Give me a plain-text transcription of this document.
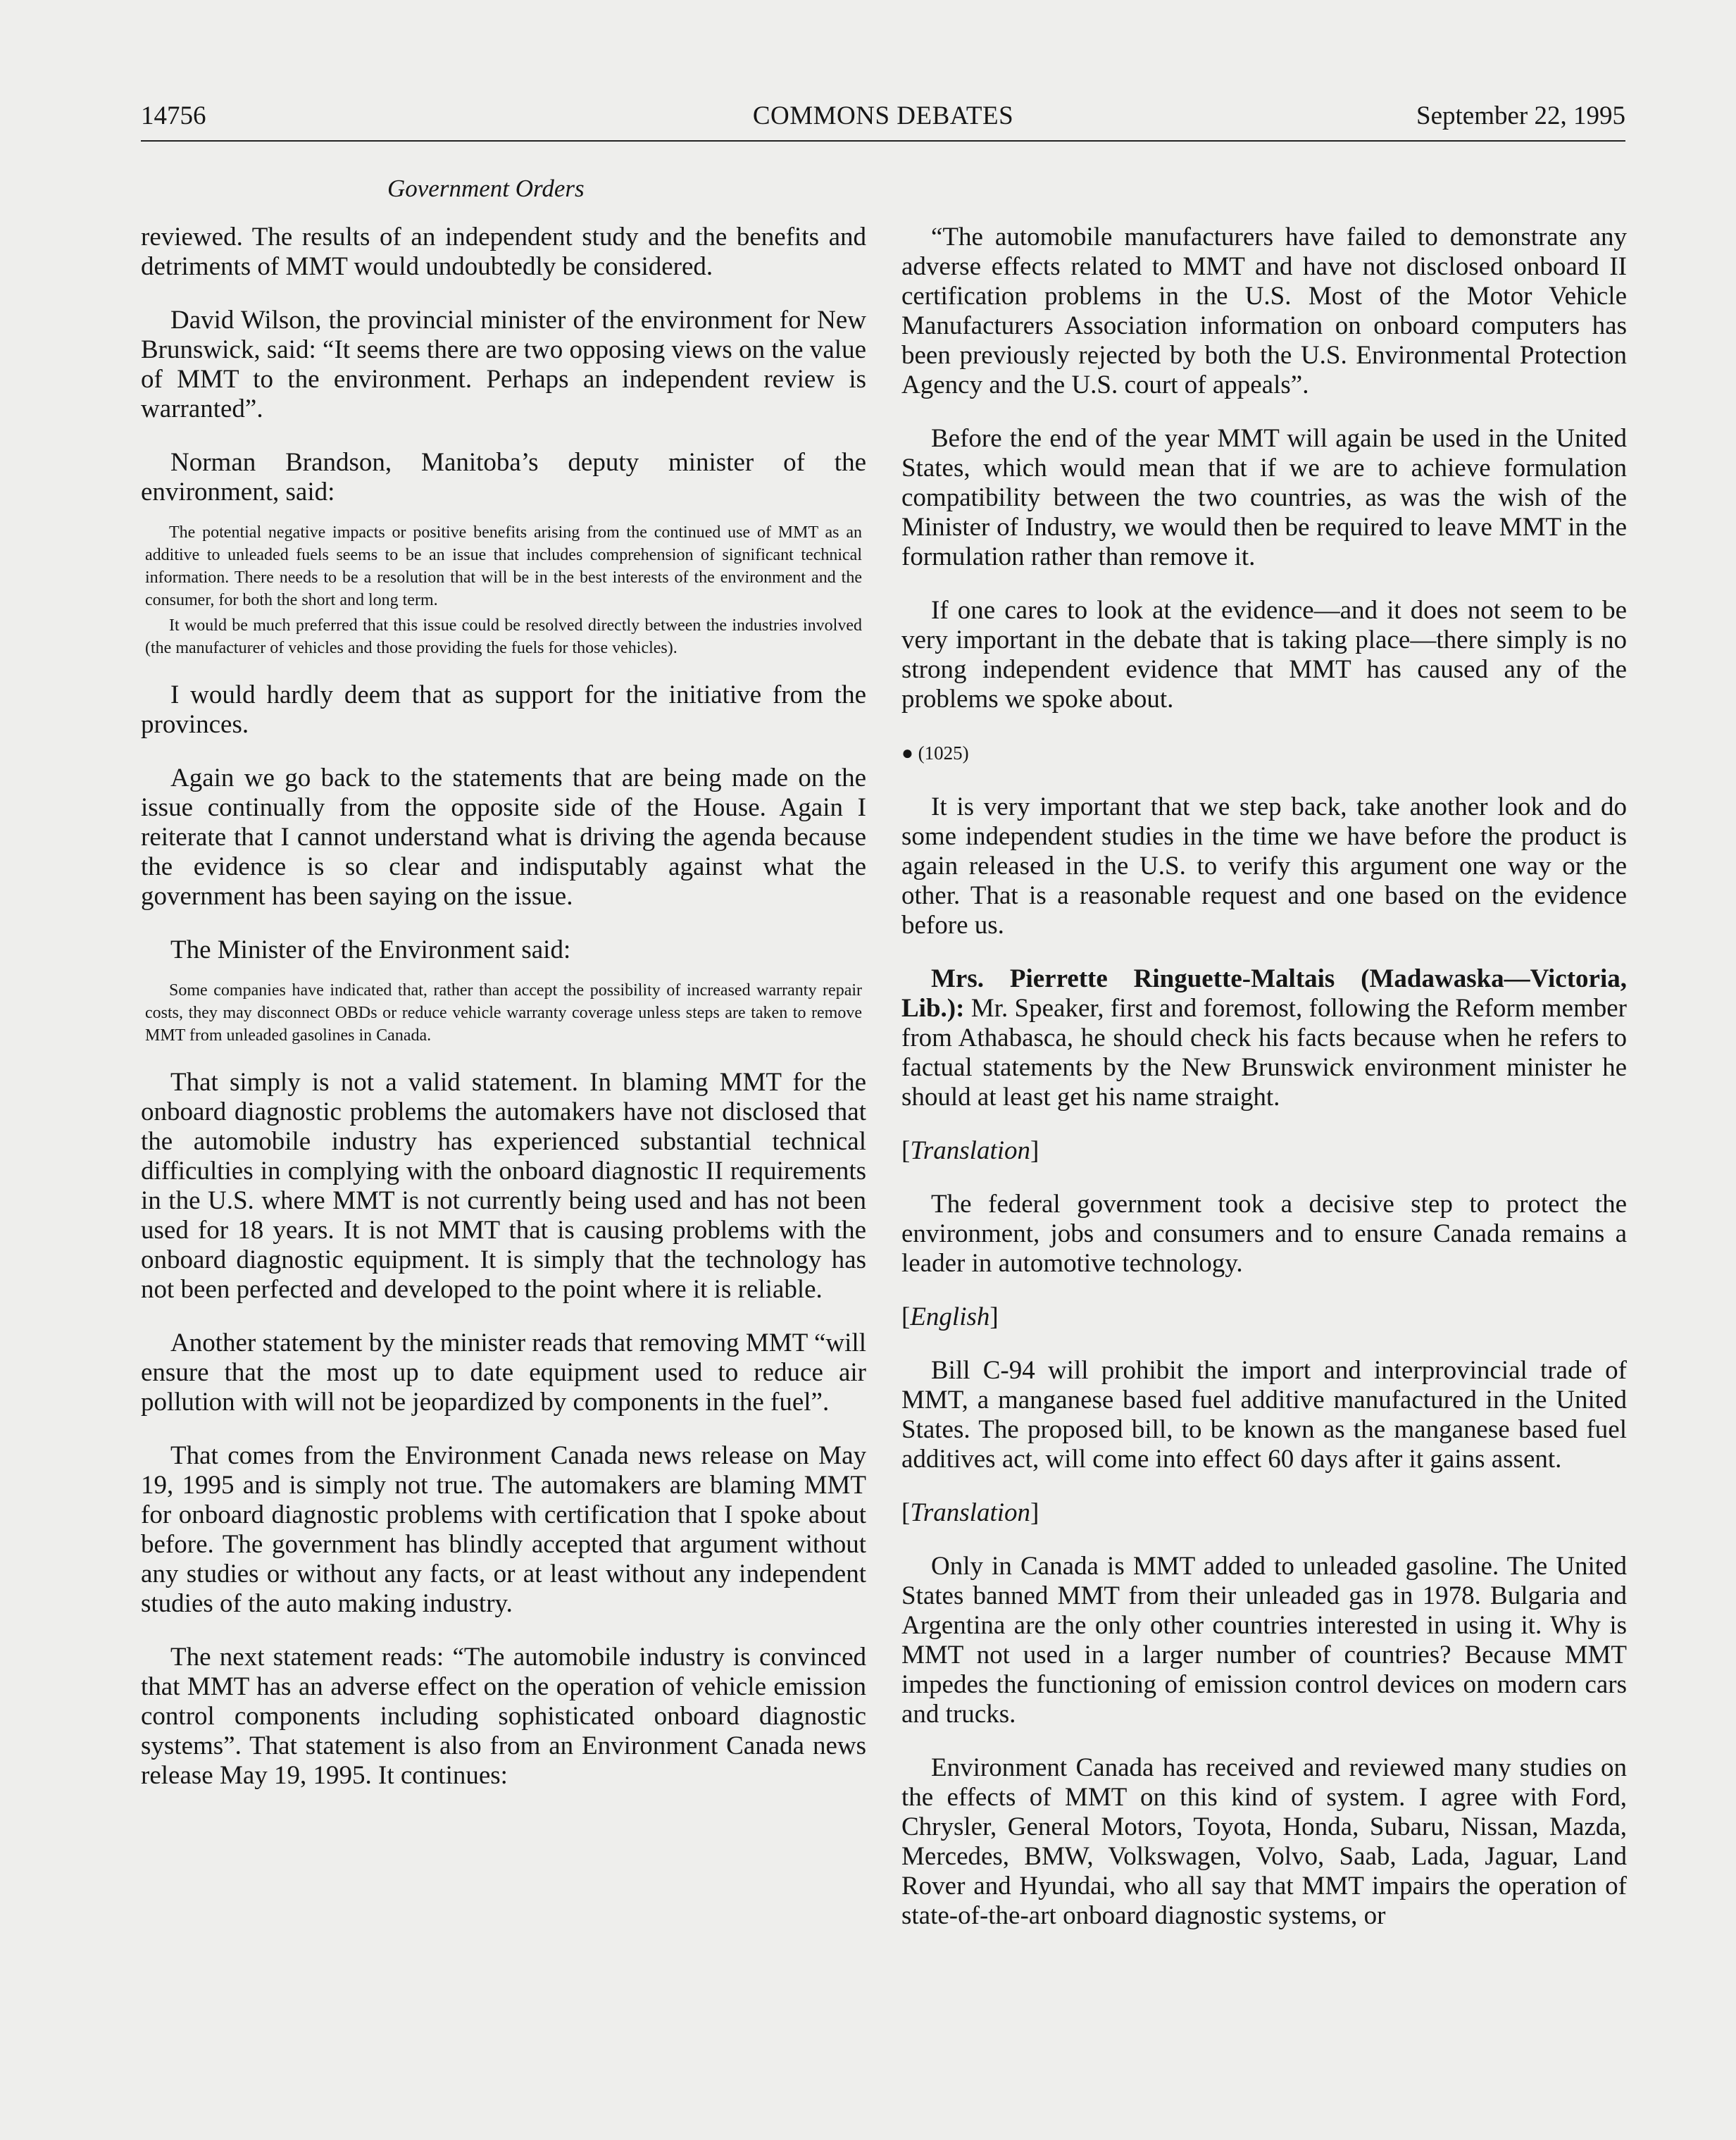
14756	COMMONS DEBATES	September 22, 1995
Government Orders

reviewed. The results of an independent study and the benefits and detriments of MMT would undoubtedly be considered.

David Wilson, the provincial minister of the environment for New Brunswick, said: “It seems there are two opposing views on the value of MMT to the environment. Perhaps an independent review is warranted”.

Norman Brandson, Manitoba’s deputy minister of the environment, said:

The potential negative impacts or positive benefits arising from the continued use of MMT as an additive to unleaded fuels seems to be an issue that includes comprehension of significant technical information. There needs to be a resolution that will be in the best interests of the environment and the consumer, for both the short and long term.

It would be much preferred that this issue could be resolved directly between the industries involved (the manufacturer of vehicles and those providing the fuels for those vehicles).

I would hardly deem that as support for the initiative from the provinces.

Again we go back to the statements that are being made on the issue continually from the opposite side of the House. Again I reiterate that I cannot understand what is driving the agenda because the evidence is so clear and indisputably against what the government has been saying on the issue.

The Minister of the Environment said:

Some companies have indicated that, rather than accept the possibility of increased warranty repair costs, they may disconnect OBDs or reduce vehicle warranty coverage unless steps are taken to remove MMT from unleaded gasolines in Canada.

That simply is not a valid statement. In blaming MMT for the onboard diagnostic problems the automakers have not disclosed that the automobile industry has experienced substantial technical difficulties in complying with the onboard diagnostic II requirements in the U.S. where MMT is not currently being used and has not been used for 18 years. It is not MMT that is causing problems with the onboard diagnostic equipment. It is simply that the technology has not been perfected and developed to the point where it is reliable.

Another statement by the minister reads that removing MMT “will ensure that the most up to date equipment used to reduce air pollution with will not be jeopardized by components in the fuel”.

That comes from the Environment Canada news release on May 19, 1995 and is simply not true. The automakers are blaming MMT for onboard diagnostic problems with certification that I spoke about before. The government has blindly accepted that argument without any studies or without any facts, or at least without any independent studies of the auto making industry.

The next statement reads: “The automobile industry is convinced that MMT has an adverse effect on the operation of vehicle emission control components including sophisticated onboard diagnostic systems”. That statement is also from an Environment Canada news release May 19, 1995. It continues:

“The automobile manufacturers have failed to demonstrate any adverse effects related to MMT and have not disclosed onboard II certification problems in the U.S. Most of the Motor Vehicle Manufacturers Association information on onboard computers has been previously rejected by both the U.S. Environmental Protection Agency and the U.S. court of appeals”.

Before the end of the year MMT will again be used in the United States, which would mean that if we are to achieve formulation compatibility between the two countries, as was the wish of the Minister of Industry, we would then be required to leave MMT in the formulation rather than remove it.

If one cares to look at the evidence—and it does not seem to be very important in the debate that is taking place—there simply is no strong independent evidence that MMT has caused any of the problems we spoke about.

● (1025)

It is very important that we step back, take another look and do some independent studies in the time we have before the product is again released in the U.S. to verify this argument one way or the other. That is a reasonable request and one based on the evidence before us.

Mrs. Pierrette Ringuette-Maltais (Madawaska—Victoria, Lib.): Mr. Speaker, first and foremost, following the Reform member from Athabasca, he should check his facts because when he refers to factual statements by the New Brunswick environment minister he should at least get his name straight.

[Translation]

The federal government took a decisive step to protect the environment, jobs and consumers and to ensure Canada remains a leader in automotive technology.

[English]

Bill C-94 will prohibit the import and interprovincial trade of MMT, a manganese based fuel additive manufactured in the United States. The proposed bill, to be known as the manganese based fuel additives act, will come into effect 60 days after it gains assent.

[Translation]

Only in Canada is MMT added to unleaded gasoline. The United States banned MMT from their unleaded gas in 1978. Bulgaria and Argentina are the only other countries interested in using it. Why is MMT not used in a larger number of countries? Because MMT impedes the functioning of emission control devices on modern cars and trucks.

Environment Canada has received and reviewed many studies on the effects of MMT on this kind of system. I agree with Ford, Chrysler, General Motors, Toyota, Honda, Subaru, Nissan, Mazda, Mercedes, BMW, Volkswagen, Volvo, Saab, Lada, Jaguar, Land Rover and Hyundai, who all say that MMT impairs the operation of state-of-the-art onboard diagnostic systems, or
